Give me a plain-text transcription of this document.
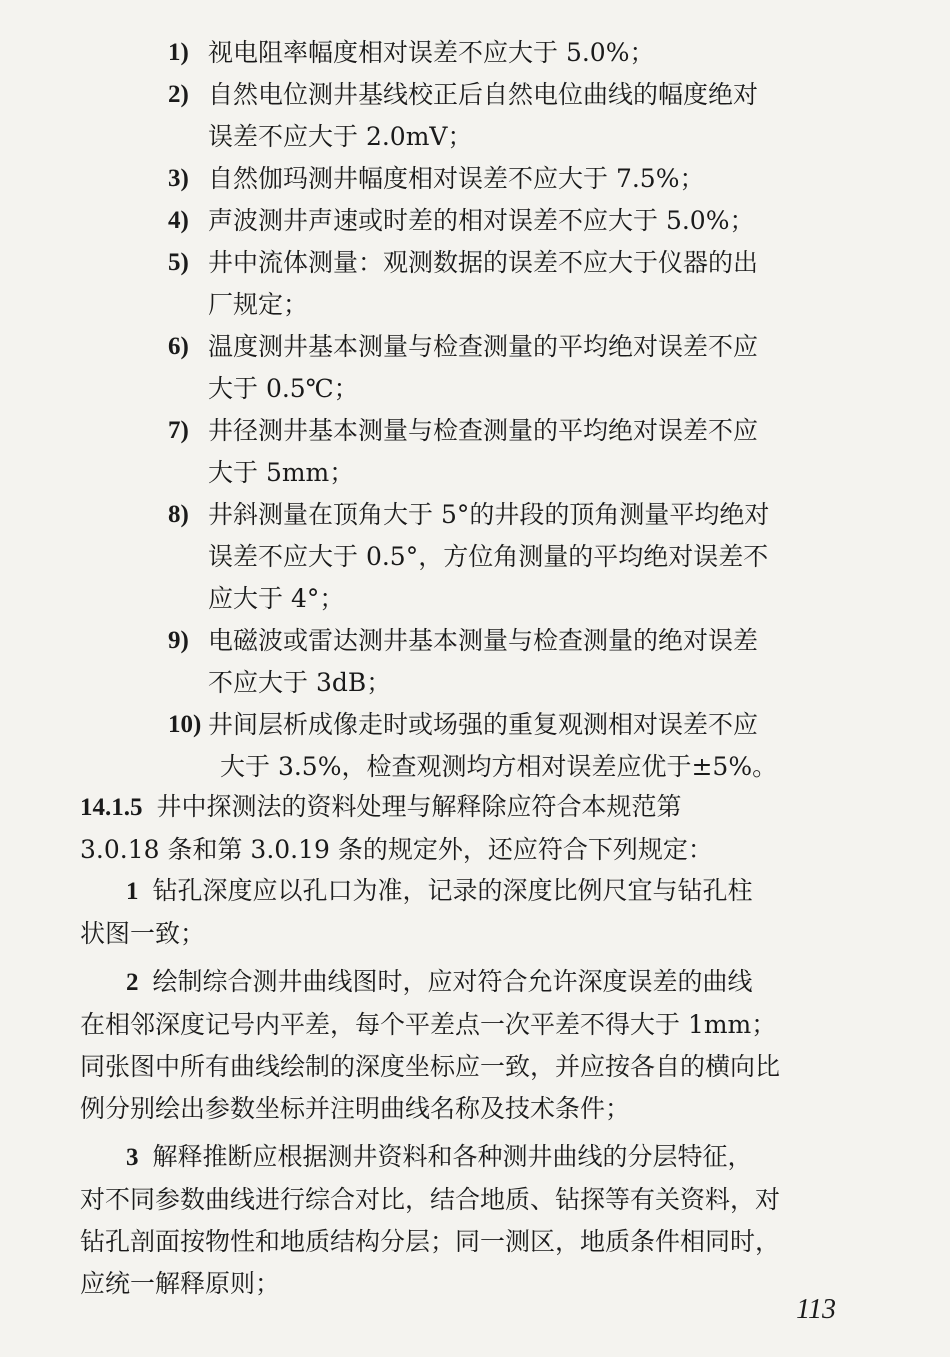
1) 视电阻率幅度相对误差不应大于 5.0%；
2) 自然电位测井基线校正后自然电位曲线的幅度绝对
误差不应大于 2.0mV；
3) 自然伽玛测井幅度相对误差不应大于 7.5%；
4) 声波测井声速或时差的相对误差不应大于 5.0%；
5) 井中流体测量：观测数据的误差不应大于仪器的出
厂规定；
6) 温度测井基本测量与检查测量的平均绝对误差不应
大于 0.5℃；
7) 井径测井基本测量与检查测量的平均绝对误差不应
大于 5mm；
8) 井斜测量在顶角大于 5°的井段的顶角测量平均绝对
误差不应大于 0.5°，方位角测量的平均绝对误差不
应大于 4°；
9) 电磁波或雷达测井基本测量与检查测量的绝对误差
不应大于 3dB；
10) 井间层析成像走时或场强的重复观测相对误差不应
大于 3.5%，检查观测均方相对误差应优于±5%。

14.1.5 井中探测法的资料处理与解释除应符合本规范第

3.0.18 条和第 3.0.19 条的规定外，还应符合下列规定：

1 钻孔深度应以孔口为准，记录的深度比例尺宜与钻孔柱
状图一致；
2 绘制综合测井曲线图时，应对符合允许深度误差的曲线
在相邻深度记号内平差，每个平差点一次平差不得大于 1mm；
同张图中所有曲线绘制的深度坐标应一致，并应按各自的横向比
例分别绘出参数坐标并注明曲线名称及技术条件；
3 解释推断应根据测井资料和各种测井曲线的分层特征，
对不同参数曲线进行综合对比，结合地质、钻探等有关资料，对
钻孔剖面按物性和地质结构分层；同一测区，地质条件相同时，
应统一解释原则；
113
